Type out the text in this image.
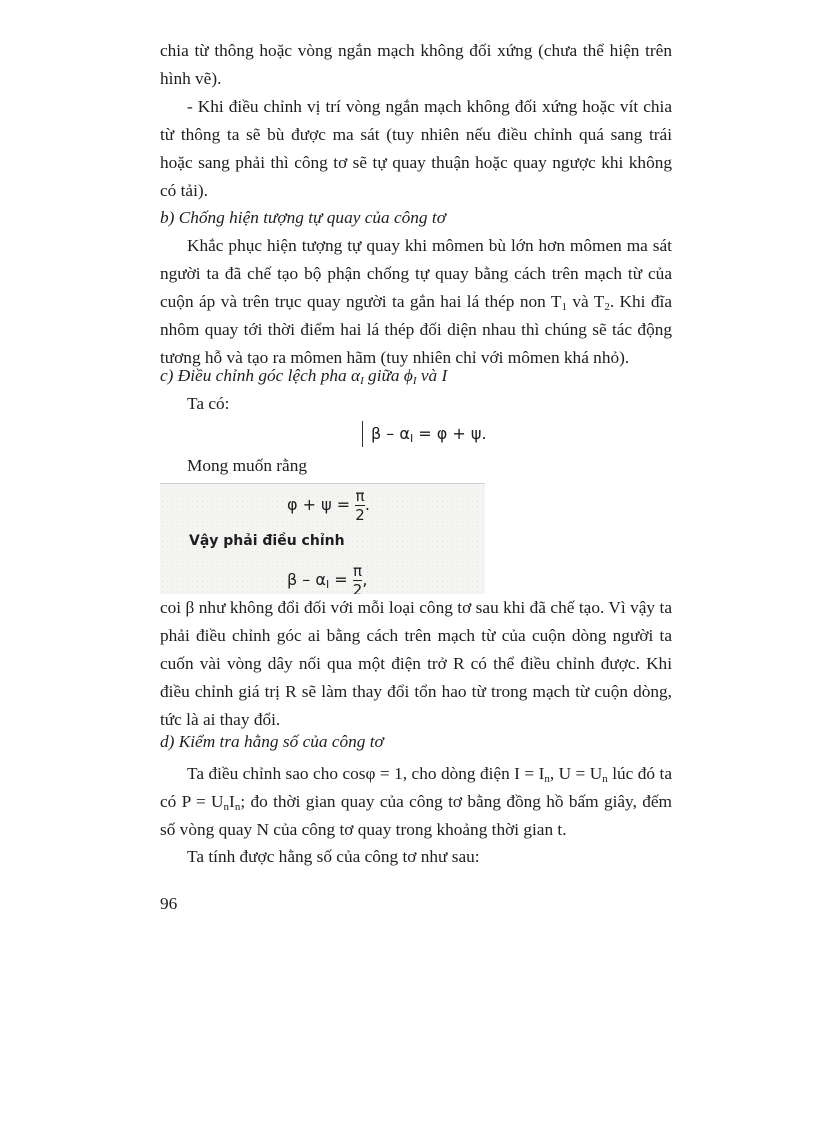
chia từ thông hoặc vòng ngắn mạch không đối xứng (chưa thể hiện trên hình vẽ).

- Khi điều chỉnh vị trí vòng ngắn mạch không đối xứng hoặc vít chia từ thông ta sẽ bù được ma sát (tuy nhiên nếu điều chỉnh quá sang trái hoặc sang phải thì công tơ sẽ tự quay thuận hoặc quay ngược khi không có tải).

b) Chống hiện tượng tự quay của công tơ

Khắc phục hiện tượng tự quay khi mômen bù lớn hơn mômen ma sát người ta đã chế tạo bộ phận chống tự quay bằng cách trên mạch từ của cuộn áp và trên trục quay người ta gắn hai lá thép non $T_1$ và $T_2$. Khi đĩa nhôm quay tới thời điểm hai lá thép đối diện nhau thì chúng sẽ tác động tương hỗ và tạo ra mômen hãm (tuy nhiên chỉ với mômen khá nhỏ).

c) Điều chỉnh góc lệch pha $\alpha_I$ giữa $\phi_I$ và I

Ta có:

$\beta - \alpha_I = \varphi + \psi$.

Mong muốn rằng

$\varphi + \psi = \frac{\pi}{2}$ .
Vậy phải điều chỉnh
$\beta - \alpha_I = \frac{\pi}{2}$ ,

coi β như không đổi đối với mỗi loại công tơ sau khi đã chế tạo. Vì vậy ta phải điều chỉnh góc ai bằng cách trên mạch từ của cuộn dòng người ta cuốn vài vòng dây nối qua một điện trở R có thể điều chỉnh được. Khi điều chỉnh giá trị R sẽ làm thay đổi tổn hao từ trong mạch từ cuộn dòng, tức là ai thay đổi.

d) Kiểm tra hằng số của công tơ

Ta điều chỉnh sao cho cosφ = 1, cho dòng điện $I = I_n$, $U = U_n$ lúc đó ta có $P = U_nI_n$; đo thời gian quay của công tơ bằng đồng hồ bấm giây, đếm số vòng quay N của công tơ quay trong khoảng thời gian t.

Ta tính được hằng số của công tơ như sau:

96
